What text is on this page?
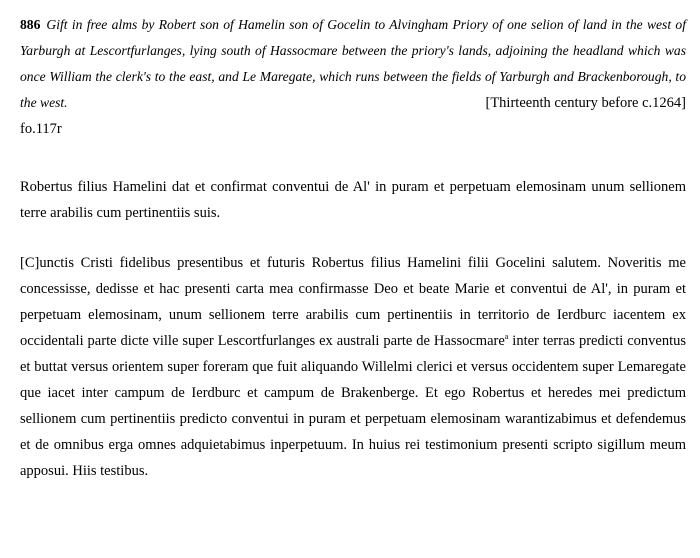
886 Gift in free alms by Robert son of Hamelin son of Gocelin to Alvingham Priory of one selion of land in the west of Yarburgh at Lescortfurlanges, lying south of Hassocmare between the priory's lands, adjoining the headland which was once William the clerk's to the east, and Le Maregate, which runs between the fields of Yarburgh and Brackenborough, to the west.	[Thirteenth century before c.1264]

fo.117r

Robertus filius Hamelini dat et confirmat conventui de Al' in puram et perpetuam elemosinam unum sellionem terre arabilis cum pertinentiis suis.

[C]unctis Cristi fidelibus presentibus et futuris Robertus filius Hamelini filii Gocelini salutem. Noveritis me concessisse, dedisse et hac presenti carta mea confirmasse Deo et beate Marie et conventui de Al', in puram et perpetuam elemosinam, unum sellionem terre arabilis cum pertinentiis in territorio de Ierdburc iacentem ex occidentali parte dicte ville super Lescortfurlanges ex australi parte de Hassocmare$^a$ inter terras predicti conventus et buttat versus orientem super foreram que fuit aliquando Willelmi clerici et versus occidentem super Lemaregate que iacet inter campum de Ierdburc et campum de Brakenberge. Et ego Robertus et heredes mei predictum sellionem cum pertinentiis predicto conventui in puram et perpetuam elemosinam warantizabimus et defendemus et de omnibus erga omnes adquietabimus inperpetuum. In huius rei testimonium presenti scripto sigillum meum apposui. Hiis testibus.
